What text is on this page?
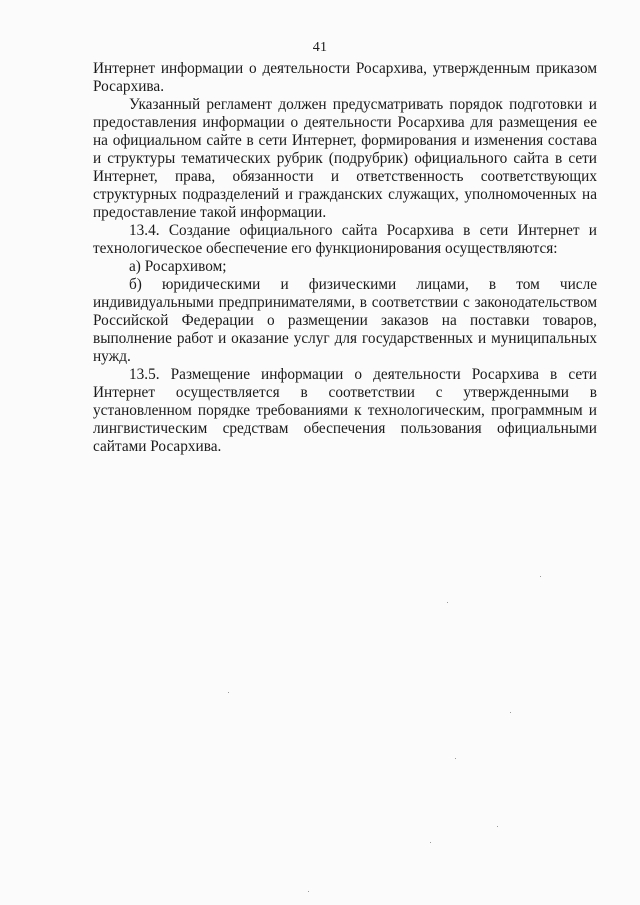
41

Интернет информации о деятельности Росархива, утвержденным приказом Росархива.

Указанный регламент должен предусматривать порядок подготовки и предоставления информации о деятельности Росархива для размещения ее на официальном сайте в сети Интернет, формирования и изменения состава и структуры тематических рубрик (подрубрик) официального сайта в сети Интернет, права, обязанности и ответственность соответствующих структурных подразделений и гражданских служащих, уполномоченных на предоставление такой информации.

13.4. Создание официального сайта Росархива в сети Интернет и технологическое обеспечение его функционирования осуществляются:

а) Росархивом;

б) юридическими и физическими лицами, в том числе индивидуальными предпринимателями, в соответствии с законодательством Российской Федерации о размещении заказов на поставки товаров, выполнение работ и оказание услуг для государственных и муниципальных нужд.

13.5. Размещение информации о деятельности Росархива в сети Интернет осуществляется в соответствии с утвержденными в установленном порядке требованиями к технологическим, программным и лингвистическим средствам обеспечения пользования официальными сайтами Росархива.
